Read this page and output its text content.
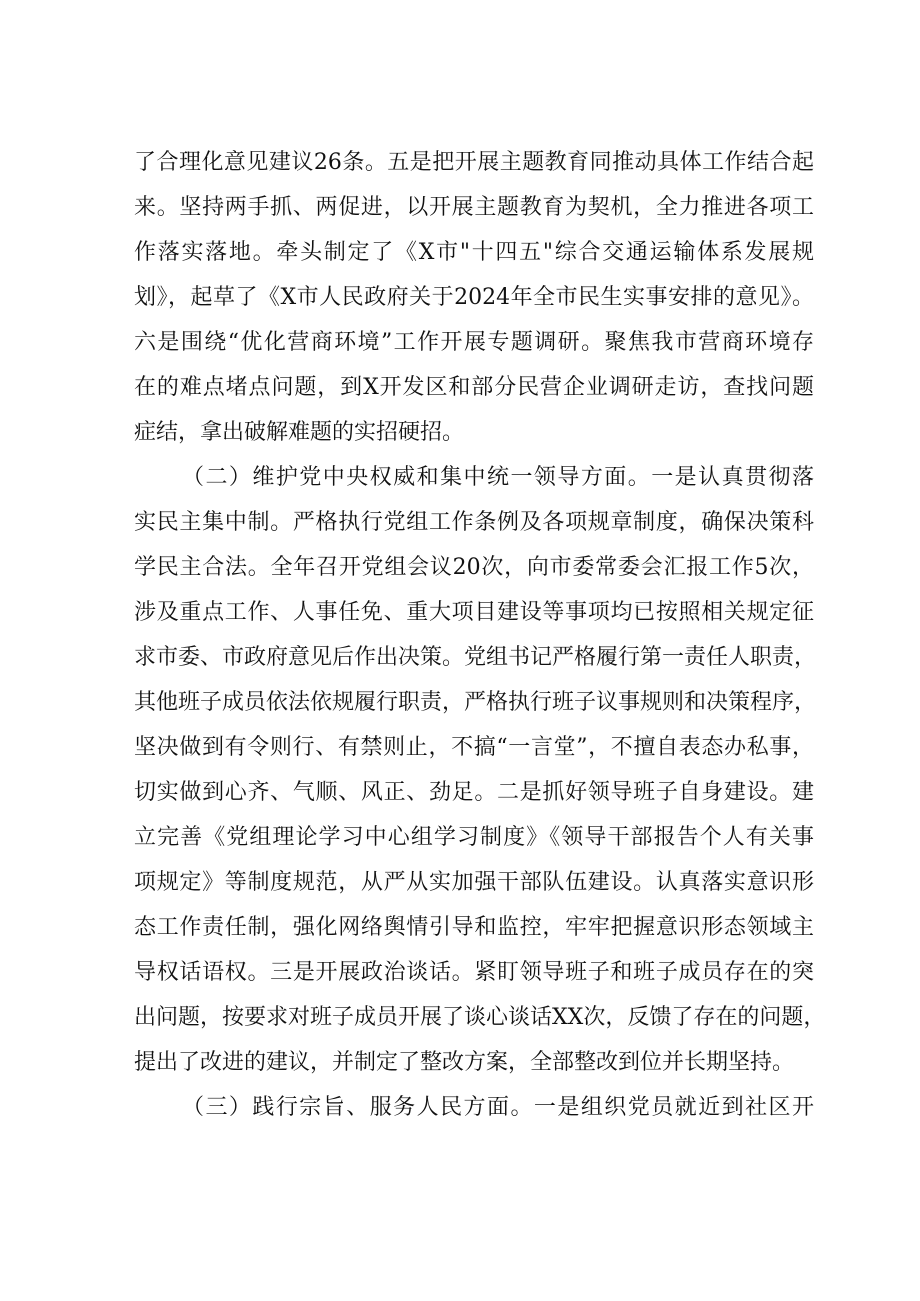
了合理化意见建议26条。五是把开展主题教育同推动具体工作结合起
来。坚持两手抓、两促进，以开展主题教育为契机，全力推进各项工
作落实落地。牵头制定了《X市"十四五"综合交通运输体系发展规
划》，起草了《X市人民政府关于2024年全市民生实事安排的意见》。
六是围绕“优化营商环境”工作开展专题调研。聚焦我市营商环境存
在的难点堵点问题，到X开发区和部分民营企业调研走访，查找问题
症结，拿出破解难题的实招硬招。
（二）维护党中央权威和集中统一领导方面。一是认真贯彻落
实民主集中制。严格执行党组工作条例及各项规章制度，确保决策科
学民主合法。全年召开党组会议20次，向市委常委会汇报工作5次，
涉及重点工作、人事任免、重大项目建设等事项均已按照相关规定征
求市委、市政府意见后作出决策。党组书记严格履行第一责任人职责，
其他班子成员依法依规履行职责，严格执行班子议事规则和决策程序，
坚决做到有令则行、有禁则止，不搞“一言堂”，不擅自表态办私事，
切实做到心齐、气顺、风正、劲足。二是抓好领导班子自身建设。建
立完善《党组理论学习中心组学习制度》《领导干部报告个人有关事
项规定》等制度规范，从严从实加强干部队伍建设。认真落实意识形
态工作责任制，强化网络舆情引导和监控，牢牢把握意识形态领域主
导权话语权。三是开展政治谈话。紧盯领导班子和班子成员存在的突
出问题，按要求对班子成员开展了谈心谈话XX次，反馈了存在的问题，
提出了改进的建议，并制定了整改方案，全部整改到位并长期坚持。
（三）践行宗旨、服务人民方面。一是组织党员就近到社区开
